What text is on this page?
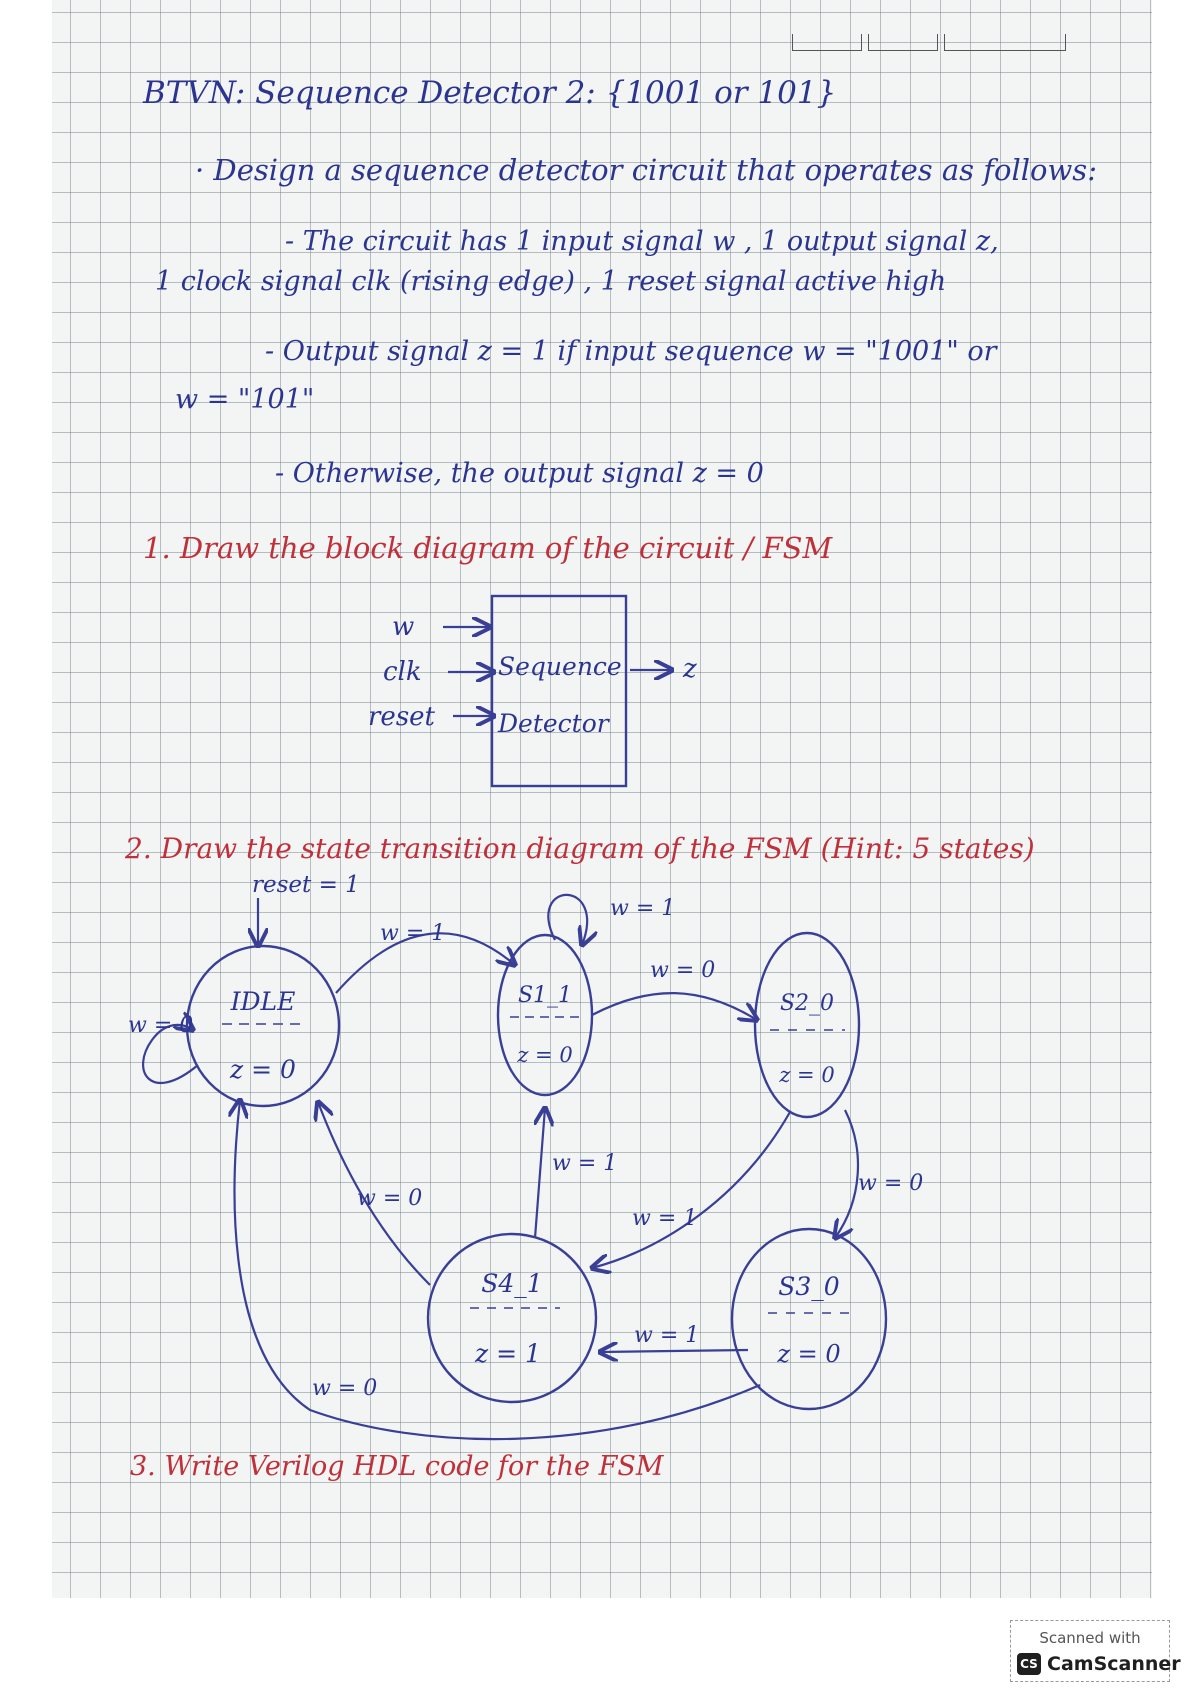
BTVN: Sequence Detector 2: {1001 or 101}
· Design a sequence detector circuit that operates as follows:
- The circuit has 1 input signal w , 1 output signal z,
1 clock signal clk (rising edge) , 1 reset signal active high
- Output signal z = 1 if input sequence w = "1001" or
w = "101"
- Otherwise, the output signal z = 0
1. Draw the block diagram of the circuit / FSM
w
clk
reset
Sequence
Detector
z
2. Draw the state transition diagram of the FSM (Hint: 5 states)
reset = 1
IDLE
z = 0
S1_1
z = 0
S2_0
z = 0
S3_0
z = 0
S4_1
z = 1
w = 0
w = 1
w = 1
w = 0
w = 0
w = 1
w = 1
w = 0
w = 1
w = 0
3. Write Verilog HDL code for the FSM
Scanned with
CS CamScanner
